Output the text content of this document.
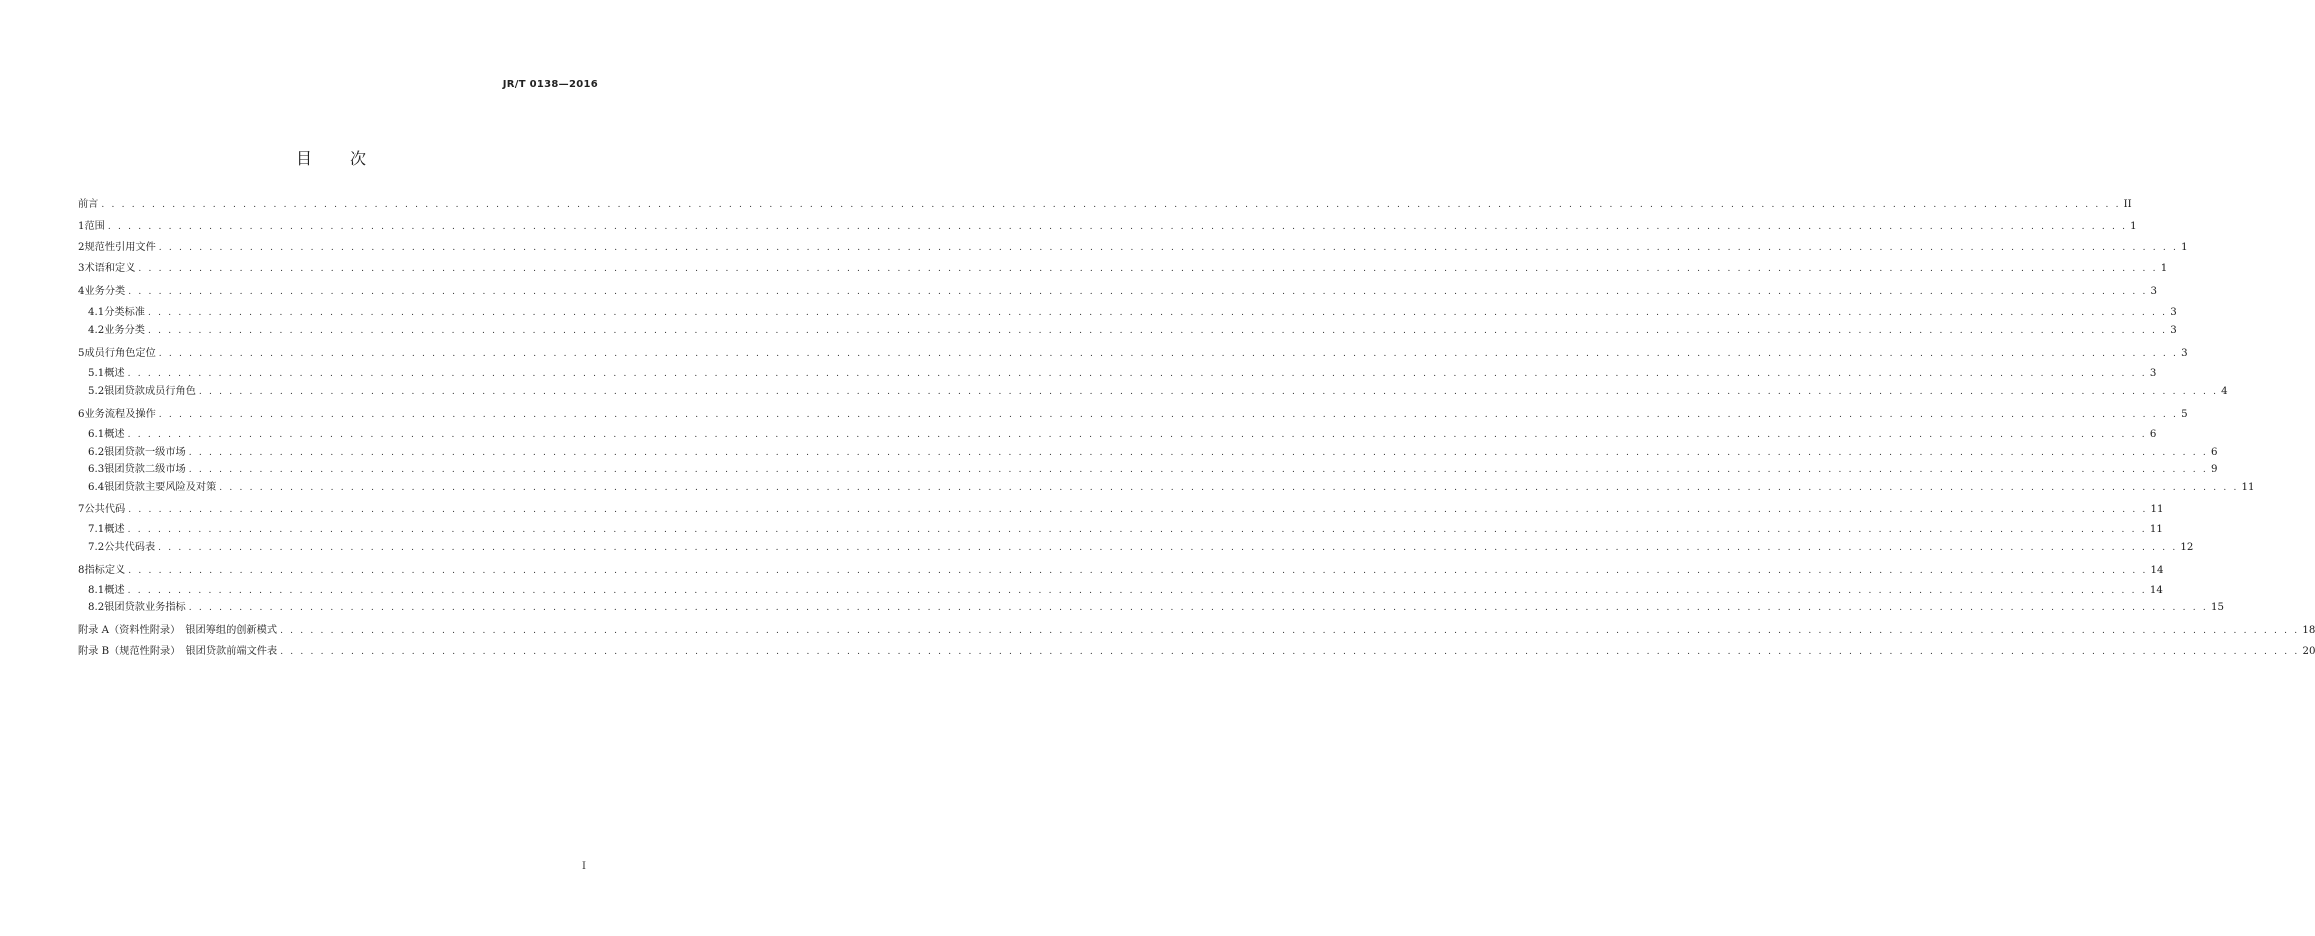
JR/T 0138—2016
目 次
前言 . . . . . . . . . . . . . . . . . . . . . . . . . . . . . . . . . . . . . . . . . . . . . . . . . . . . . . . . . . . . . . . . . . . . . . . . . . . . . . . . . . . . . . . . . . . . . . . . . . . . . . . . . . . . . . . . . . . . . . . . . . . . . . . . . . . . . . . . . . . . . . . . . . . . . . . . . . . . . . . . . . . . . . . . . . . . . . . . . . . . . . . . . . . . . . . . . . . . . . . . II
1 范围 . . . . . . . . . . . . . . . . . . . . . . . . . . . . . . . . . . . . . . . . . . . . . . . . . . . . . . . . . . . . . . . . . . . . . . . . . . . . . . . . . . . . . . . . . . . . . . . . . . . . . . . . . . . . . . . . . . . . . . . . . . . . . . . . . . . . . . . . . . . . . . . . . . . . . . . . . . . . . . . . . . . . . . . . . . . . . . . . . . . . . . . . . . . . . . . . . . . . . . . . 1
2 规范性引用文件 . . . . . . . . . . . . . . . . . . . . . . . . . . . . . . . . . . . . . . . . . . . . . . . . . . . . . . . . . . . . . . . . . . . . . . . . . . . . . . . . . . . . . . . . . . . . . . . . . . . . . . . . . . . . . . . . . . . . . . . . . . . . . . . . . . . . . . . . . . . . . . . . . . . . . . . . . . . . . . . . . . . . . . . . . . . . . . . . . . . . . . . . . . . . . . . . . . . . . . . . 1
3 术语和定义 . . . . . . . . . . . . . . . . . . . . . . . . . . . . . . . . . . . . . . . . . . . . . . . . . . . . . . . . . . . . . . . . . . . . . . . . . . . . . . . . . . . . . . . . . . . . . . . . . . . . . . . . . . . . . . . . . . . . . . . . . . . . . . . . . . . . . . . . . . . . . . . . . . . . . . . . . . . . . . . . . . . . . . . . . . . . . . . . . . . . . . . . . . . . . . . . . . . . . . . . 1
4 业务分类 . . . . . . . . . . . . . . . . . . . . . . . . . . . . . . . . . . . . . . . . . . . . . . . . . . . . . . . . . . . . . . . . . . . . . . . . . . . . . . . . . . . . . . . . . . . . . . . . . . . . . . . . . . . . . . . . . . . . . . . . . . . . . . . . . . . . . . . . . . . . . . . . . . . . . . . . . . . . . . . . . . . . . . . . . . . . . . . . . . . . . . . . . . . . . . . . . . . . . . . . 3
4.1 分类标准 . . . . . . . . . . . . . . . . . . . . . . . . . . . . . . . . . . . . . . . . . . . . . . . . . . . . . . . . . . . . . . . . . . . . . . . . . . . . . . . . . . . . . . . . . . . . . . . . . . . . . . . . . . . . . . . . . . . . . . . . . . . . . . . . . . . . . . . . . . . . . . . . . . . . . . . . . . . . . . . . . . . . . . . . . . . . . . . . . . . . . . . . . . . . . . . . . . . . . . . . 3
4.2 业务分类 . . . . . . . . . . . . . . . . . . . . . . . . . . . . . . . . . . . . . . . . . . . . . . . . . . . . . . . . . . . . . . . . . . . . . . . . . . . . . . . . . . . . . . . . . . . . . . . . . . . . . . . . . . . . . . . . . . . . . . . . . . . . . . . . . . . . . . . . . . . . . . . . . . . . . . . . . . . . . . . . . . . . . . . . . . . . . . . . . . . . . . . . . . . . . . . . . . . . . . . . 3
5 成员行角色定位 . . . . . . . . . . . . . . . . . . . . . . . . . . . . . . . . . . . . . . . . . . . . . . . . . . . . . . . . . . . . . . . . . . . . . . . . . . . . . . . . . . . . . . . . . . . . . . . . . . . . . . . . . . . . . . . . . . . . . . . . . . . . . . . . . . . . . . . . . . . . . . . . . . . . . . . . . . . . . . . . . . . . . . . . . . . . . . . . . . . . . . . . . . . . . . . . . . . . . . . . 3
5.1 概述 . . . . . . . . . . . . . . . . . . . . . . . . . . . . . . . . . . . . . . . . . . . . . . . . . . . . . . . . . . . . . . . . . . . . . . . . . . . . . . . . . . . . . . . . . . . . . . . . . . . . . . . . . . . . . . . . . . . . . . . . . . . . . . . . . . . . . . . . . . . . . . . . . . . . . . . . . . . . . . . . . . . . . . . . . . . . . . . . . . . . . . . . . . . . . . . . . . . . . . . . 3
5.2 银团贷款成员行角色 . . . . . . . . . . . . . . . . . . . . . . . . . . . . . . . . . . . . . . . . . . . . . . . . . . . . . . . . . . . . . . . . . . . . . . . . . . . . . . . . . . . . . . . . . . . . . . . . . . . . . . . . . . . . . . . . . . . . . . . . . . . . . . . . . . . . . . . . . . . . . . . . . . . . . . . . . . . . . . . . . . . . . . . . . . . . . . . . . . . . . . . . . . . . . . . . . . . . . . . . 4
6 业务流程及操作 . . . . . . . . . . . . . . . . . . . . . . . . . . . . . . . . . . . . . . . . . . . . . . . . . . . . . . . . . . . . . . . . . . . . . . . . . . . . . . . . . . . . . . . . . . . . . . . . . . . . . . . . . . . . . . . . . . . . . . . . . . . . . . . . . . . . . . . . . . . . . . . . . . . . . . . . . . . . . . . . . . . . . . . . . . . . . . . . . . . . . . . . . . . . . . . . . . . . . . . . 5
6.1 概述 . . . . . . . . . . . . . . . . . . . . . . . . . . . . . . . . . . . . . . . . . . . . . . . . . . . . . . . . . . . . . . . . . . . . . . . . . . . . . . . . . . . . . . . . . . . . . . . . . . . . . . . . . . . . . . . . . . . . . . . . . . . . . . . . . . . . . . . . . . . . . . . . . . . . . . . . . . . . . . . . . . . . . . . . . . . . . . . . . . . . . . . . . . . . . . . . . . . . . . . . 6
6.2 银团贷款一级市场 . . . . . . . . . . . . . . . . . . . . . . . . . . . . . . . . . . . . . . . . . . . . . . . . . . . . . . . . . . . . . . . . . . . . . . . . . . . . . . . . . . . . . . . . . . . . . . . . . . . . . . . . . . . . . . . . . . . . . . . . . . . . . . . . . . . . . . . . . . . . . . . . . . . . . . . . . . . . . . . . . . . . . . . . . . . . . . . . . . . . . . . . . . . . . . . . . . . . . . . . 6
6.3 银团贷款二级市场 . . . . . . . . . . . . . . . . . . . . . . . . . . . . . . . . . . . . . . . . . . . . . . . . . . . . . . . . . . . . . . . . . . . . . . . . . . . . . . . . . . . . . . . . . . . . . . . . . . . . . . . . . . . . . . . . . . . . . . . . . . . . . . . . . . . . . . . . . . . . . . . . . . . . . . . . . . . . . . . . . . . . . . . . . . . . . . . . . . . . . . . . . . . . . . . . . . . . . . . . 9
6.4 银团贷款主要风险及对策 . . . . . . . . . . . . . . . . . . . . . . . . . . . . . . . . . . . . . . . . . . . . . . . . . . . . . . . . . . . . . . . . . . . . . . . . . . . . . . . . . . . . . . . . . . . . . . . . . . . . . . . . . . . . . . . . . . . . . . . . . . . . . . . . . . . . . . . . . . . . . . . . . . . . . . . . . . . . . . . . . . . . . . . . . . . . . . . . . . . . . . . . . . . . . . . . . . . . . . . . 11
7 公共代码 . . . . . . . . . . . . . . . . . . . . . . . . . . . . . . . . . . . . . . . . . . . . . . . . . . . . . . . . . . . . . . . . . . . . . . . . . . . . . . . . . . . . . . . . . . . . . . . . . . . . . . . . . . . . . . . . . . . . . . . . . . . . . . . . . . . . . . . . . . . . . . . . . . . . . . . . . . . . . . . . . . . . . . . . . . . . . . . . . . . . . . . . . . . . . . . . . . . . . . . . 11
7.1 概述 . . . . . . . . . . . . . . . . . . . . . . . . . . . . . . . . . . . . . . . . . . . . . . . . . . . . . . . . . . . . . . . . . . . . . . . . . . . . . . . . . . . . . . . . . . . . . . . . . . . . . . . . . . . . . . . . . . . . . . . . . . . . . . . . . . . . . . . . . . . . . . . . . . . . . . . . . . . . . . . . . . . . . . . . . . . . . . . . . . . . . . . . . . . . . . . . . . . . . . . . 11
7.2 公共代码表 . . . . . . . . . . . . . . . . . . . . . . . . . . . . . . . . . . . . . . . . . . . . . . . . . . . . . . . . . . . . . . . . . . . . . . . . . . . . . . . . . . . . . . . . . . . . . . . . . . . . . . . . . . . . . . . . . . . . . . . . . . . . . . . . . . . . . . . . . . . . . . . . . . . . . . . . . . . . . . . . . . . . . . . . . . . . . . . . . . . . . . . . . . . . . . . . . . . . . . . . 12
8 指标定义 . . . . . . . . . . . . . . . . . . . . . . . . . . . . . . . . . . . . . . . . . . . . . . . . . . . . . . . . . . . . . . . . . . . . . . . . . . . . . . . . . . . . . . . . . . . . . . . . . . . . . . . . . . . . . . . . . . . . . . . . . . . . . . . . . . . . . . . . . . . . . . . . . . . . . . . . . . . . . . . . . . . . . . . . . . . . . . . . . . . . . . . . . . . . . . . . . . . . . . . . 14
8.1 概述 . . . . . . . . . . . . . . . . . . . . . . . . . . . . . . . . . . . . . . . . . . . . . . . . . . . . . . . . . . . . . . . . . . . . . . . . . . . . . . . . . . . . . . . . . . . . . . . . . . . . . . . . . . . . . . . . . . . . . . . . . . . . . . . . . . . . . . . . . . . . . . . . . . . . . . . . . . . . . . . . . . . . . . . . . . . . . . . . . . . . . . . . . . . . . . . . . . . . . . . . 14
8.2 银团贷款业务指标 . . . . . . . . . . . . . . . . . . . . . . . . . . . . . . . . . . . . . . . . . . . . . . . . . . . . . . . . . . . . . . . . . . . . . . . . . . . . . . . . . . . . . . . . . . . . . . . . . . . . . . . . . . . . . . . . . . . . . . . . . . . . . . . . . . . . . . . . . . . . . . . . . . . . . . . . . . . . . . . . . . . . . . . . . . . . . . . . . . . . . . . . . . . . . . . . . . . . . . . . 15
附录 A（资料性附录）　银团筹组的创新模式 . . . . . . . . . . . . . . . . . . . . . . . . . . . . . . . . . . . . . . . . . . . . . . . . . . . . . . . . . . . . . . . . . . . . . . . . . . . . . . . . . . . . . . . . . . . . . . . . . . . . . . . . . . . . . . . . . . . . . . . . . . . . . . . . . . . . . . . . . . . . . . . . . . . . . . . . . . . . . . . . . . . . . . . . . . . . . . . . . . . . . . . . . . . . . . . . . . . . . . . . 18
附录 B（规范性附录）　银团贷款前端文件表 . . . . . . . . . . . . . . . . . . . . . . . . . . . . . . . . . . . . . . . . . . . . . . . . . . . . . . . . . . . . . . . . . . . . . . . . . . . . . . . . . . . . . . . . . . . . . . . . . . . . . . . . . . . . . . . . . . . . . . . . . . . . . . . . . . . . . . . . . . . . . . . . . . . . . . . . . . . . . . . . . . . . . . . . . . . . . . . . . . . . . . . . . . . . . . . . . . . . . . . . 20
I
